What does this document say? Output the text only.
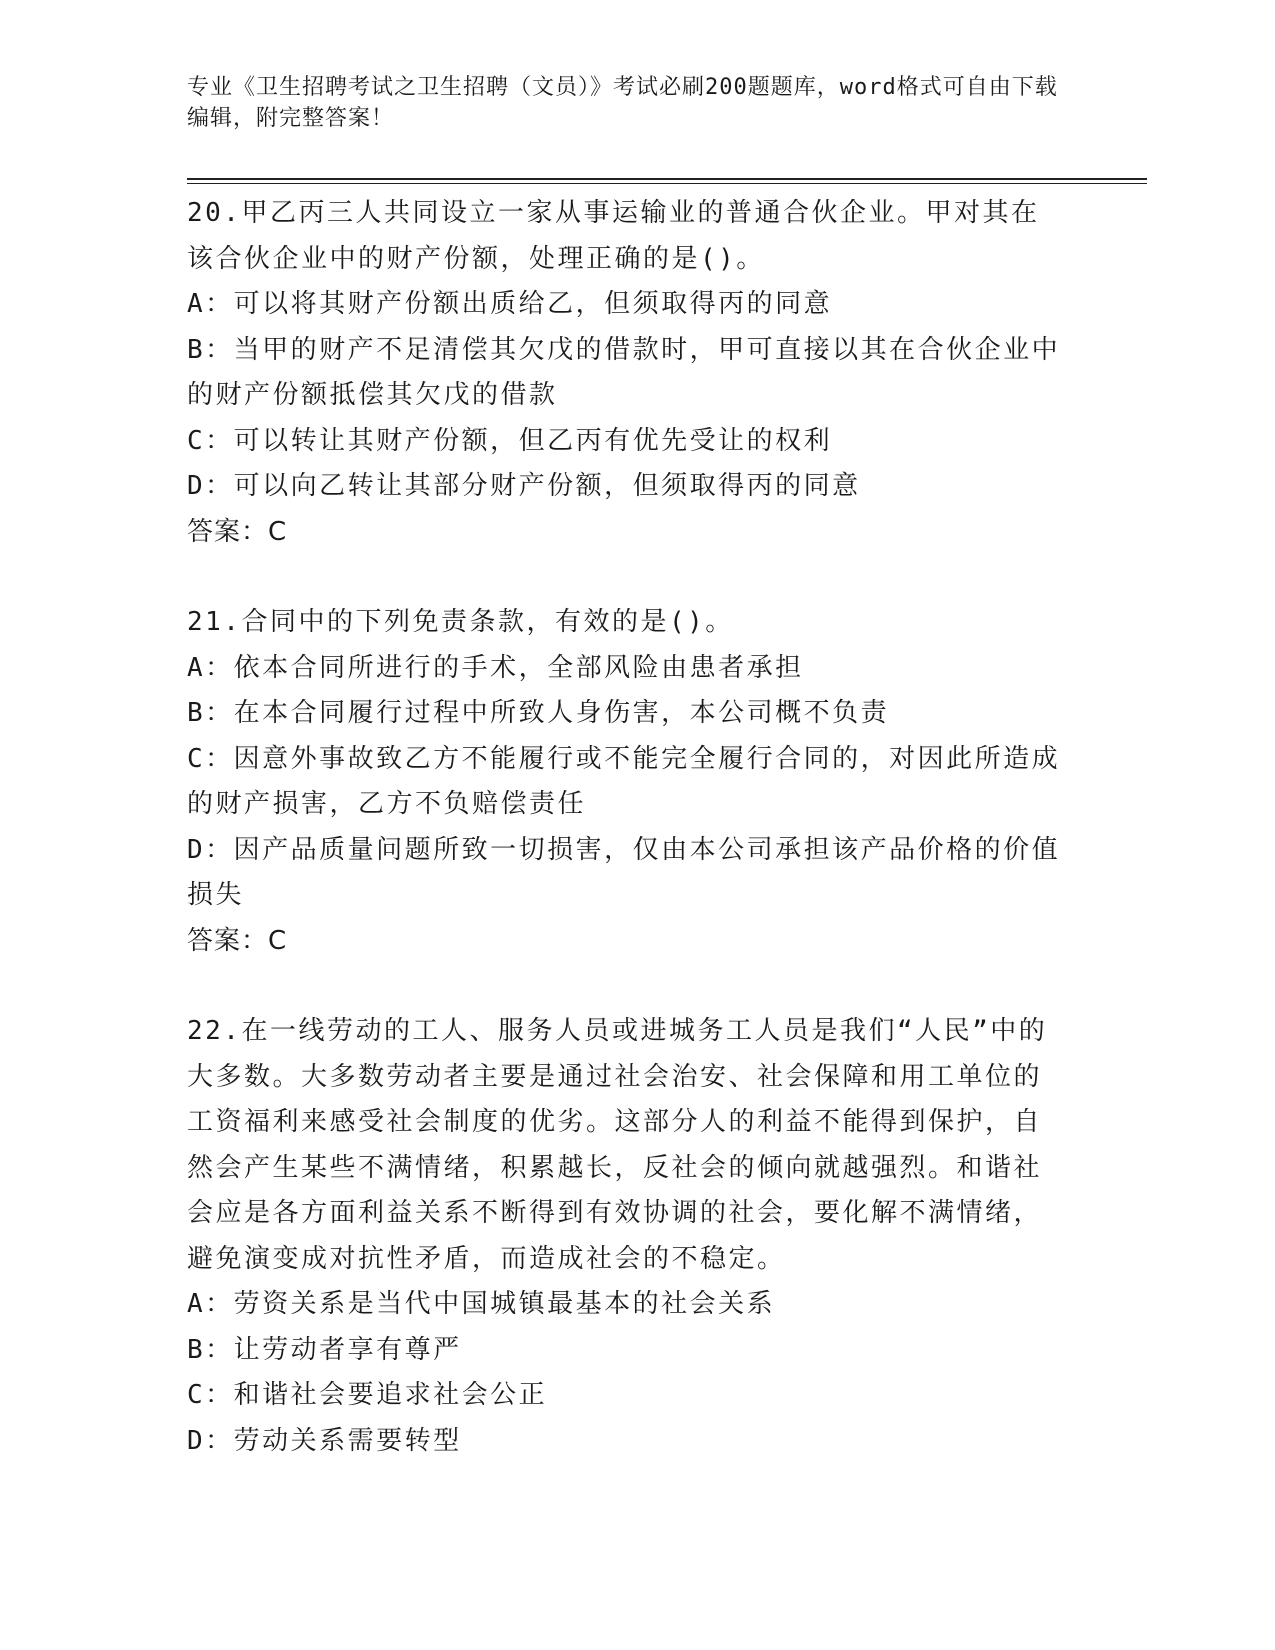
专业《卫生招聘考试之卫生招聘（文员）》考试必刷200题题库，word格式可自由下载编辑，附完整答案！
20.甲乙丙三人共同设立一家从事运输业的普通合伙企业。甲对其在该合伙企业中的财产份额，处理正确的是()。
A：可以将其财产份额出质给乙，但须取得丙的同意
B：当甲的财产不足清偿其欠戊的借款时，甲可直接以其在合伙企业中的财产份额抵偿其欠戊的借款
C：可以转让其财产份额，但乙丙有优先受让的权利
D：可以向乙转让其部分财产份额，但须取得丙的同意
答案：C
21.合同中的下列免责条款，有效的是()。
A：依本合同所进行的手术，全部风险由患者承担
B：在本合同履行过程中所致人身伤害，本公司概不负责
C：因意外事故致乙方不能履行或不能完全履行合同的，对因此所造成的财产损害，乙方不负赔偿责任
D：因产品质量问题所致一切损害，仅由本公司承担该产品价格的价值损失
答案：C
22.在一线劳动的工人、服务人员或进城务工人员是我们“人民”中的大多数。大多数劳动者主要是通过社会治安、社会保障和用工单位的工资福利来感受社会制度的优劣。这部分人的利益不能得到保护，自然会产生某些不满情绪，积累越长，反社会的倾向就越强烈。和谐社会应是各方面利益关系不断得到有效协调的社会，要化解不满情绪，避免演变成对抗性矛盾，而造成社会的不稳定。
A：劳资关系是当代中国城镇最基本的社会关系
B：让劳动者享有尊严
C：和谐社会要追求社会公正
D：劳动关系需要转型
